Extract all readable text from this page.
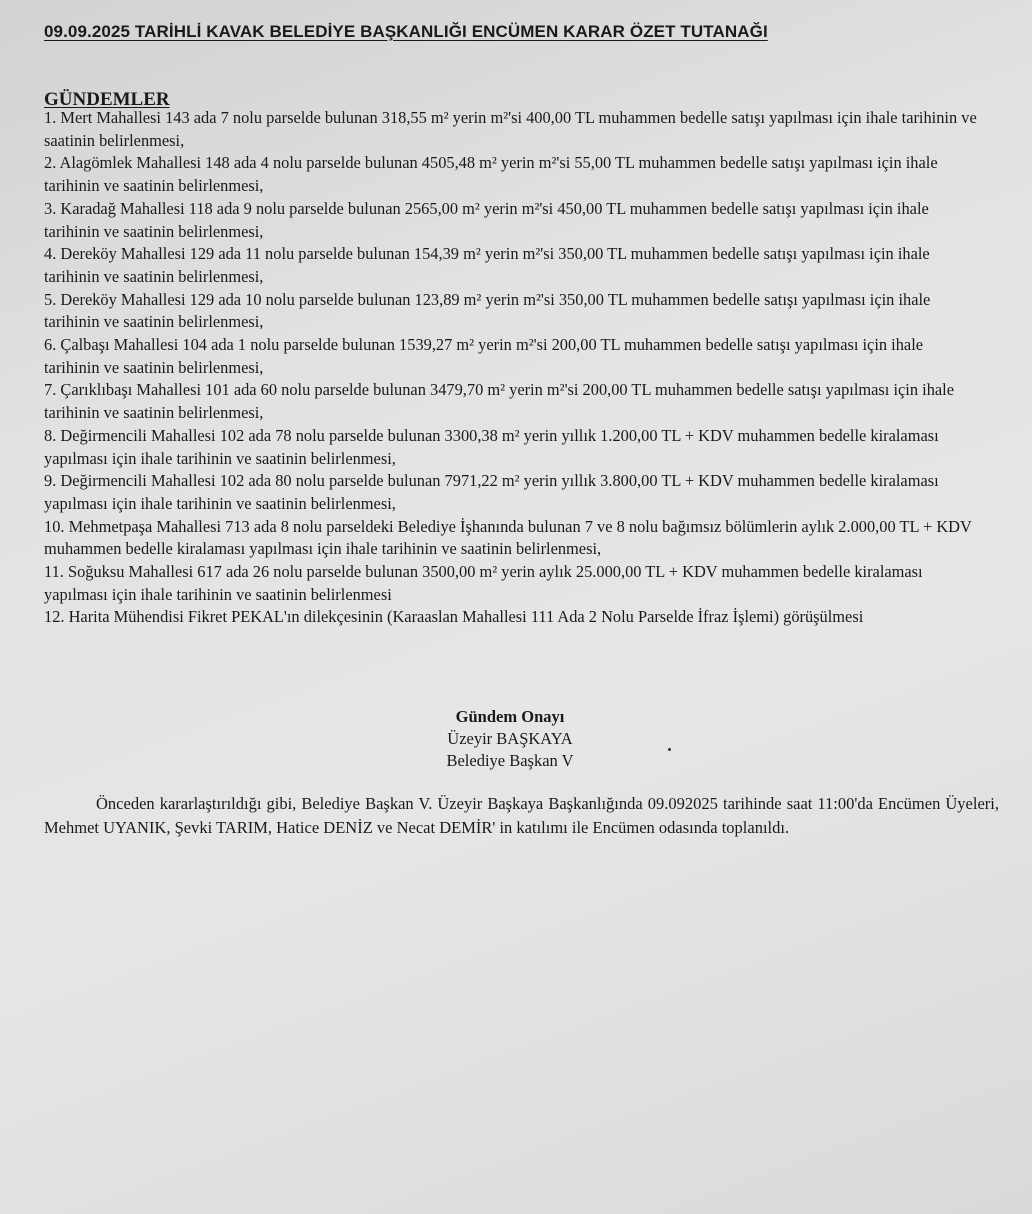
09.09.2025 TARİHLİ KAVAK BELEDİYE BAŞKANLIĞI ENCÜMEN KARAR ÖZET TUTANAĞI
GÜNDEMLER

1. Mert Mahallesi 143 ada 7 nolu parselde bulunan 318,55 m² yerin m²'si 400,00 TL muhammen bedelle satışı yapılması için ihale tarihinin ve saatinin belirlenmesi,

2. Alagömlek Mahallesi 148 ada 4 nolu parselde bulunan 4505,48 m² yerin m²'si 55,00 TL muhammen bedelle satışı yapılması için ihale tarihinin ve saatinin belirlenmesi,

3. Karadağ Mahallesi 118 ada 9 nolu parselde bulunan 2565,00 m² yerin m²'si 450,00 TL muhammen bedelle satışı yapılması için ihale tarihinin ve saatinin belirlenmesi,

4. Dereköy Mahallesi 129 ada 11 nolu parselde bulunan 154,39 m² yerin m²'si 350,00 TL muhammen bedelle satışı yapılması için ihale tarihinin ve saatinin belirlenmesi,

5. Dereköy Mahallesi 129 ada 10 nolu parselde bulunan 123,89 m² yerin m²'si 350,00 TL muhammen bedelle satışı yapılması için ihale tarihinin ve saatinin belirlenmesi,

6. Çalbaşı Mahallesi 104 ada 1 nolu parselde bulunan 1539,27 m² yerin m²'si 200,00 TL muhammen bedelle satışı yapılması için ihale tarihinin ve saatinin belirlenmesi,

7. Çarıklıbaşı Mahallesi 101 ada 60 nolu parselde bulunan 3479,70 m² yerin m²'si 200,00 TL muhammen bedelle satışı yapılması için ihale tarihinin ve saatinin belirlenmesi,

8. Değirmencili Mahallesi 102 ada 78 nolu parselde bulunan 3300,38 m² yerin yıllık 1.200,00 TL + KDV muhammen bedelle kiralaması yapılması için ihale tarihinin ve saatinin belirlenmesi,

9. Değirmencili Mahallesi 102 ada 80 nolu parselde bulunan 7971,22 m² yerin yıllık 3.800,00 TL + KDV muhammen bedelle kiralaması yapılması için ihale tarihinin ve saatinin belirlenmesi,

10. Mehmetpaşa Mahallesi 713 ada 8 nolu parseldeki Belediye İşhanında bulunan 7 ve 8 nolu bağımsız bölümlerin aylık 2.000,00 TL + KDV muhammen bedelle kiralaması yapılması için ihale tarihinin ve saatinin belirlenmesi,

11. Soğuksu Mahallesi 617 ada 26 nolu parselde bulunan 3500,00 m² yerin aylık 25.000,00 TL + KDV muhammen bedelle kiralaması yapılması için ihale tarihinin ve saatinin belirlenmesi

12. Harita Mühendisi Fikret PEKAL'ın dilekçesinin (Karaaslan Mahallesi 111 Ada 2 Nolu Parselde İfraz İşlemi) görüşülmesi

Gündem Onayı
Üzeyir BAŞKAYA
Belediye Başkan V
Önceden kararlaştırıldığı gibi, Belediye Başkan V. Üzeyir Başkaya Başkanlığında 09.092025 tarihinde saat 11:00'da Encümen Üyeleri, Mehmet UYANIK, Şevki TARIM, Hatice DENİZ ve Necat DEMİR' in katılımı ile Encümen odasında toplanıldı.
